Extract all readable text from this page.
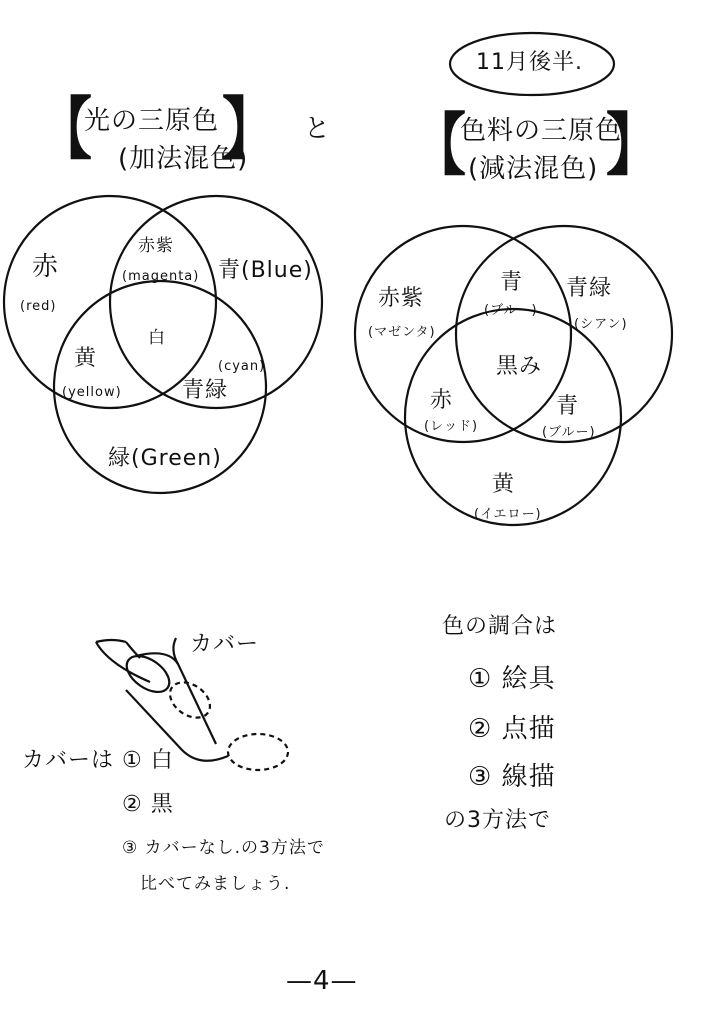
11月後半.
【
光の三原色
(加法混色)
】 と 【
色料の三原色
(減法混色) 】
赤
(red)
赤紫
(magenta) 青(Blue)
白
黄
(yellow)
(cyan)
青緑
緑(Green)
赤紫
(マゼンタ)
青
(ブルー)
青緑
(シアン)
黒み
赤
(レッド)
青
(ブルー)
黄
(イエロー)
カバー
カバーは ① 白
② 黒
③ カバーなし.の3方法で
比べてみましょう.
色の調合は
① 絵具
② 点描
③ 線描
の3方法で
—4—
